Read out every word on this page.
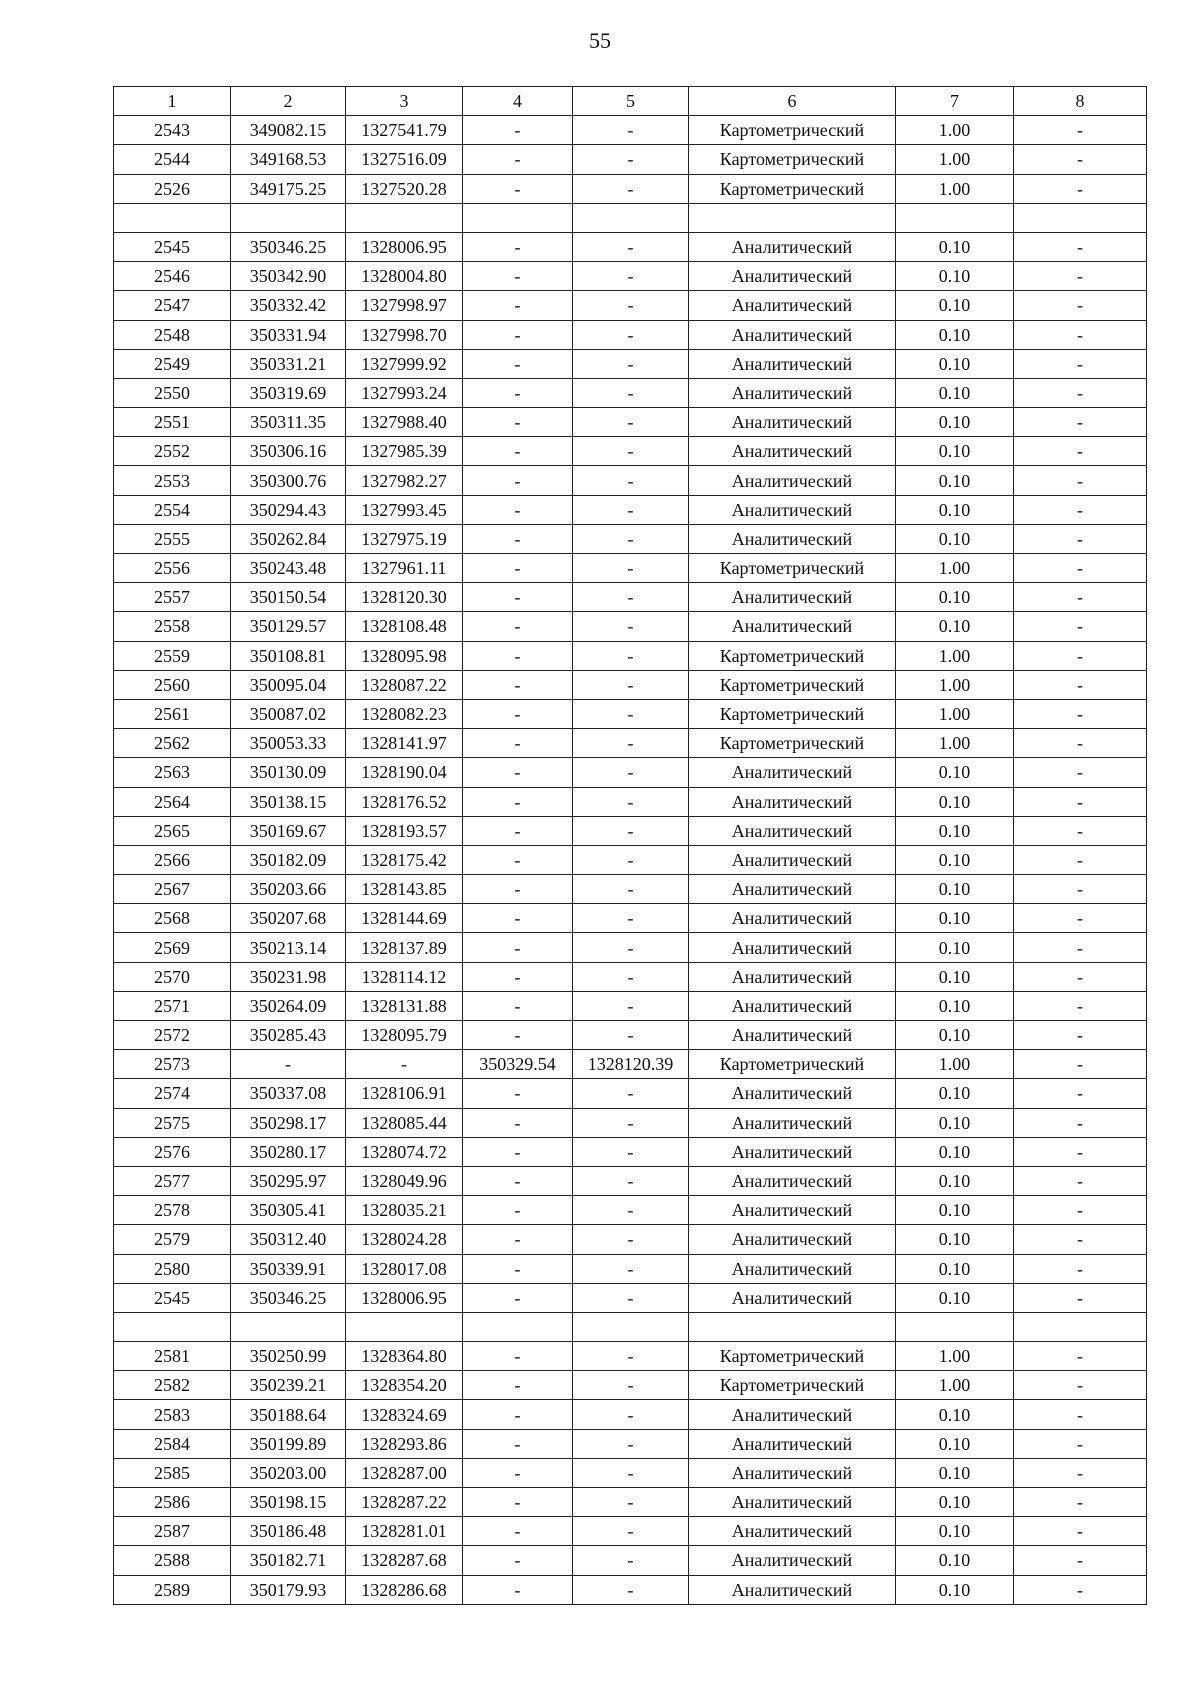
55
1	2	3	4	5	6	7	8
2543	349082.15	1327541.79	-	-	Картометрический	1.00	-
2544	349168.53	1327516.09	-	-	Картометрический	1.00	-
2526	349175.25	1327520.28	-	-	Картометрический	1.00	-

2545	350346.25	1328006.95	-	-	Аналитический	0.10	-
2546	350342.90	1328004.80	-	-	Аналитический	0.10	-
2547	350332.42	1327998.97	-	-	Аналитический	0.10	-
2548	350331.94	1327998.70	-	-	Аналитический	0.10	-
2549	350331.21	1327999.92	-	-	Аналитический	0.10	-
2550	350319.69	1327993.24	-	-	Аналитический	0.10	-
2551	350311.35	1327988.40	-	-	Аналитический	0.10	-
2552	350306.16	1327985.39	-	-	Аналитический	0.10	-
2553	350300.76	1327982.27	-	-	Аналитический	0.10	-
2554	350294.43	1327993.45	-	-	Аналитический	0.10	-
2555	350262.84	1327975.19	-	-	Аналитический	0.10	-
2556	350243.48	1327961.11	-	-	Картометрический	1.00	-
2557	350150.54	1328120.30	-	-	Аналитический	0.10	-
2558	350129.57	1328108.48	-	-	Аналитический	0.10	-
2559	350108.81	1328095.98	-	-	Картометрический	1.00	-
2560	350095.04	1328087.22	-	-	Картометрический	1.00	-
2561	350087.02	1328082.23	-	-	Картометрический	1.00	-
2562	350053.33	1328141.97	-	-	Картометрический	1.00	-
2563	350130.09	1328190.04	-	-	Аналитический	0.10	-
2564	350138.15	1328176.52	-	-	Аналитический	0.10	-
2565	350169.67	1328193.57	-	-	Аналитический	0.10	-
2566	350182.09	1328175.42	-	-	Аналитический	0.10	-
2567	350203.66	1328143.85	-	-	Аналитический	0.10	-
2568	350207.68	1328144.69	-	-	Аналитический	0.10	-
2569	350213.14	1328137.89	-	-	Аналитический	0.10	-
2570	350231.98	1328114.12	-	-	Аналитический	0.10	-
2571	350264.09	1328131.88	-	-	Аналитический	0.10	-
2572	350285.43	1328095.79	-	-	Аналитический	0.10	-
2573	-	-	350329.54	1328120.39	Картометрический	1.00	-
2574	350337.08	1328106.91	-	-	Аналитический	0.10	-
2575	350298.17	1328085.44	-	-	Аналитический	0.10	-
2576	350280.17	1328074.72	-	-	Аналитический	0.10	-
2577	350295.97	1328049.96	-	-	Аналитический	0.10	-
2578	350305.41	1328035.21	-	-	Аналитический	0.10	-
2579	350312.40	1328024.28	-	-	Аналитический	0.10	-
2580	350339.91	1328017.08	-	-	Аналитический	0.10	-
2545	350346.25	1328006.95	-	-	Аналитический	0.10	-

2581	350250.99	1328364.80	-	-	Картометрический	1.00	-
2582	350239.21	1328354.20	-	-	Картометрический	1.00	-
2583	350188.64	1328324.69	-	-	Аналитический	0.10	-
2584	350199.89	1328293.86	-	-	Аналитический	0.10	-
2585	350203.00	1328287.00	-	-	Аналитический	0.10	-
2586	350198.15	1328287.22	-	-	Аналитический	0.10	-
2587	350186.48	1328281.01	-	-	Аналитический	0.10	-
2588	350182.71	1328287.68	-	-	Аналитический	0.10	-
2589	350179.93	1328286.68	-	-	Аналитический	0.10	-
